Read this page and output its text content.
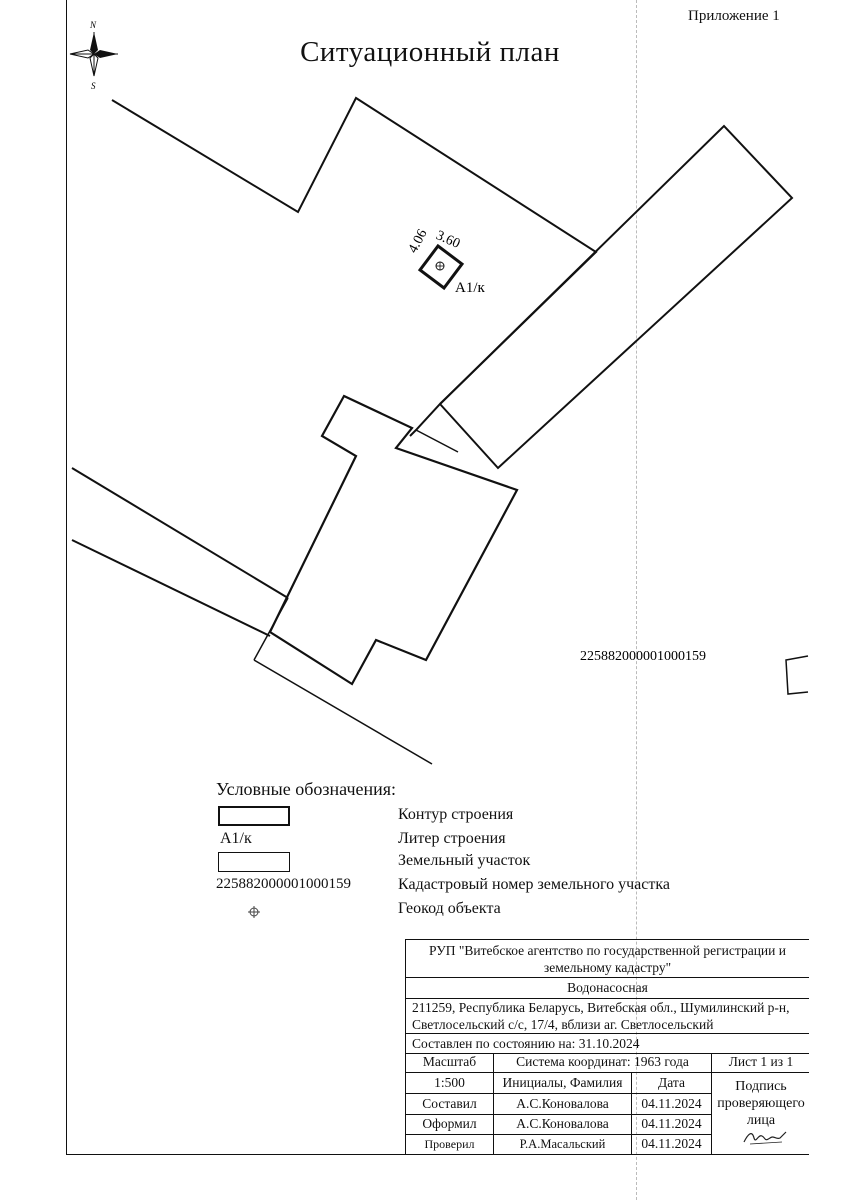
Приложение 1
Ситуационный план
N
S
4.06 3.60
A1/к
225882000001000159
Условные обозначения:
Контур строения
A1/к	Литер строения
Земельный участок
225882000001000159	Кадастровый номер земельного участка
Геокод объекта
РУП "Витебское агентство по государственной регистрации и земельному кадастру"
Водонасосная
211259, Республика Беларусь, Витебская обл., Шумилинский р-н, Светлосельский с/с, 17/4, вблизи аг. Светлосельский
Составлен по состоянию на: 31.10.2024
Масштаб	Система координат: 1963 года	Лист 1 из 1
1:500	Инициалы, Фамилия	Дата	Подпись проверяющего лица
Составил	А.С.Коновалова	04.11.2024
Оформил	А.С.Коновалова	04.11.2024
Проверил	Р.А.Масальский	04.11.2024
